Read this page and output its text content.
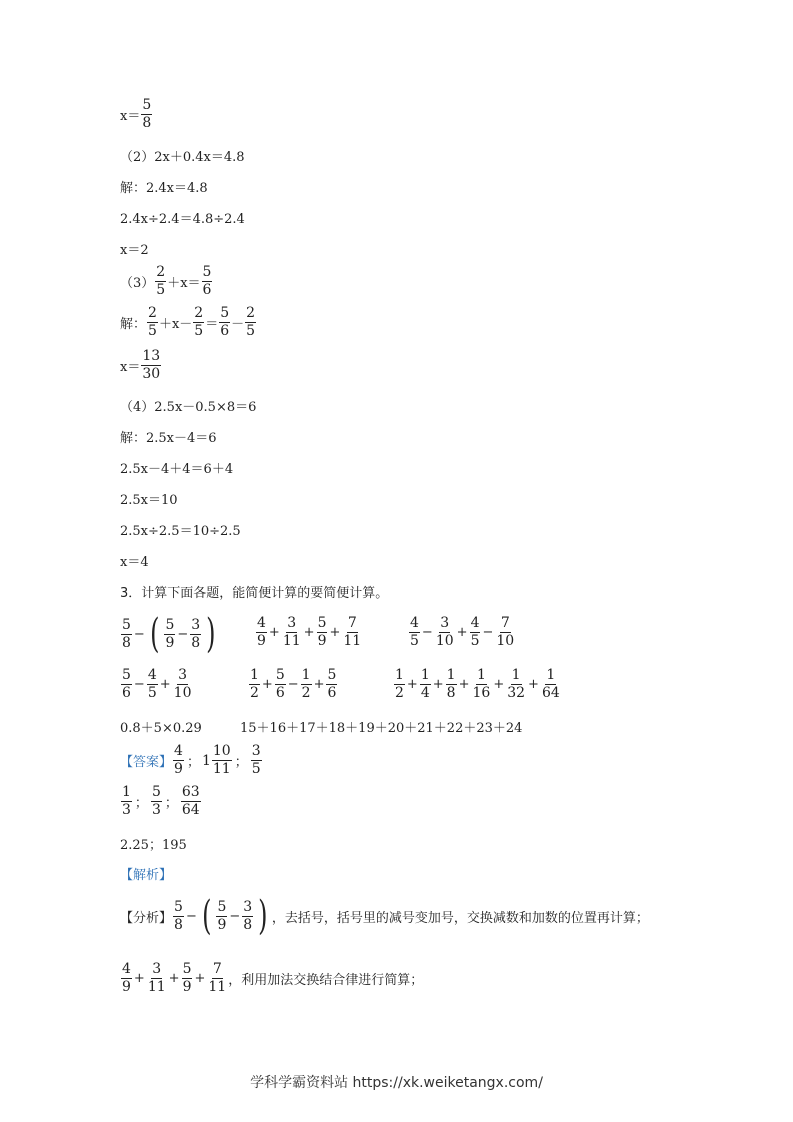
$x= \frac{5}{8}$
（2）2x＋0.4x＝4.8
解：2.4x＝4.8
2.4x÷2.4＝4.8÷2.4
x＝2
$(3) \frac{2}{5} +x= \frac{5}{6}$
解： $\frac{2}{5} +x- \frac{2}{5} = \frac{5}{6} - \frac{2}{5}$
$x= \frac{13}{30}$
（4）2.5x－0.5×8＝6
解：2.5x－4＝6
2.5x－4＋4＝6＋4
2.5x＝10
2.5x÷2.5＝10÷2.5
x＝4
3．计算下面各题，能简便计算的要简便计算。
$\frac{5}{8}$ − ( $\frac{5}{9} - \frac{3}{8}$ )	$\frac{4}{9} + \frac{3}{11} + \frac{5}{9} + \frac{7}{11}$	$\frac{4}{5} - \frac{3}{10} + \frac{4}{5} - \frac{7}{10}$
$\frac{5}{6} - \frac{4}{5} + \frac{3}{10}$	$\frac{1}{2} + \frac{5}{6} - \frac{1}{2} + \frac{5}{6}$	$\frac{1}{2} + \frac{1}{4} + \frac{1}{8} + \frac{1}{16} + \frac{1}{32} + \frac{1}{64}$
0.8＋5×0.29	15＋16＋17＋18＋19＋20＋21＋22＋23＋24
【答案】 $\frac{4}{9}$ ； $1 \frac{10}{11}$ ； $\frac{3}{5}$
$\frac{1}{3}$ ； $\frac{5}{3}$ ； $\frac{63}{64}$
2.25；195
【解析】
【分析】 $\frac{5}{8}$ − ( $\frac{5}{9} - \frac{3}{8}$ ) ，去括号，括号里的减号变加号，交换减数和加数的位置再计算；
$\frac{4}{9} + \frac{3}{11} + \frac{5}{9} + \frac{7}{11}$ ，利用加法交换结合律进行简算；
学科学霸资料站 https://xk.weiketangx.com/
